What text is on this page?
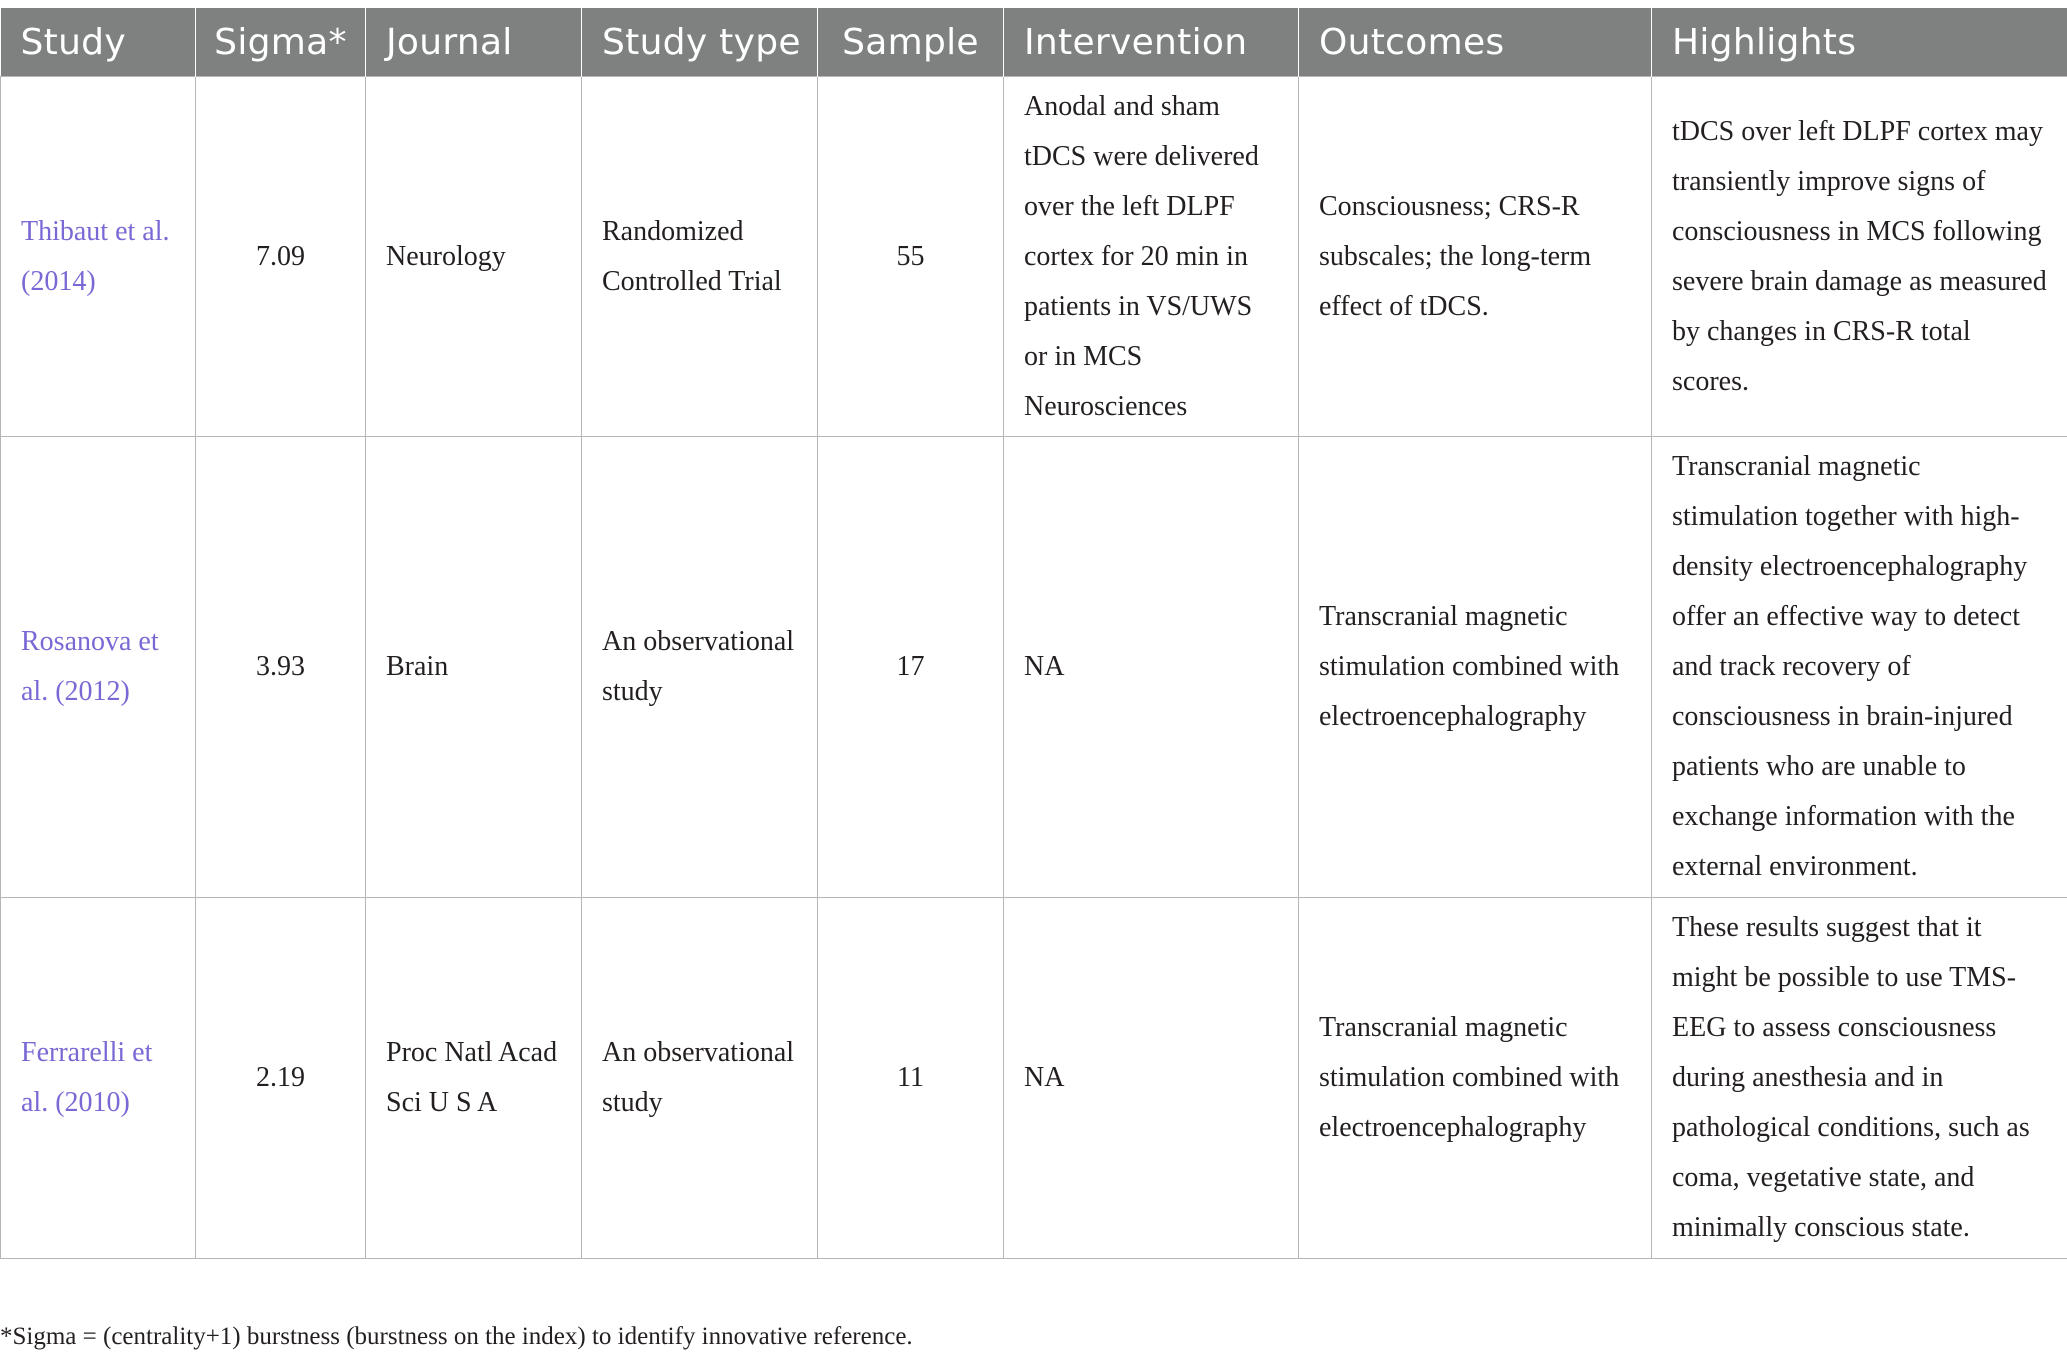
Study	Sigma*	Journal	Study type	Sample	Intervention	Outcomes	Highlights
Thibaut et al. (2014)	7.09	Neurology	Randomized Controlled Trial	55	Anodal and sham tDCS were delivered over the left DLPF cortex for 20 min in patients in VS/UWS or in MCS Neurosciences	Consciousness; CRS-R subscales; the long-term effect of tDCS.	tDCS over left DLPF cortex may transiently improve signs of consciousness in MCS following severe brain damage as measured by changes in CRS-R total scores.
Rosanova et al. (2012)	3.93	Brain	An observational study	17	NA	Transcranial magnetic stimulation combined with electroencephalography	Transcranial magnetic stimulation together with high-density electroencephalography offer an effective way to detect and track recovery of consciousness in brain-injured patients who are unable to exchange information with the external environment.
Ferrarelli et al. (2010)	2.19	Proc Natl Acad Sci U S A	An observational study	11	NA	Transcranial magnetic stimulation combined with electroencephalography	These results suggest that it might be possible to use TMS-EEG to assess consciousness during anesthesia and in pathological conditions, such as coma, vegetative state, and minimally conscious state.
*Sigma = (centrality+1) burstness (burstness on the index) to identify innovative reference.
